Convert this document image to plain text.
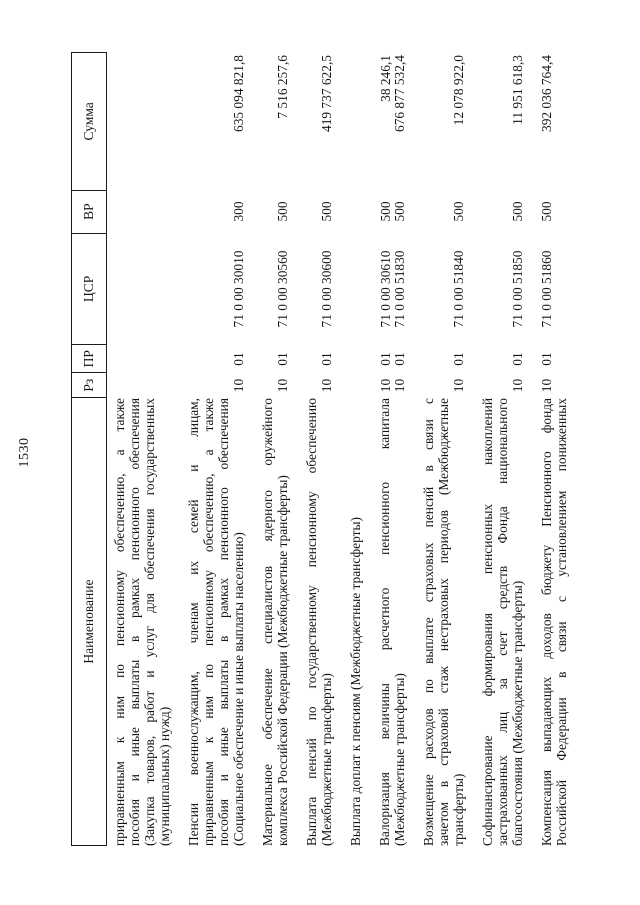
1530
Наименование
Рз
ПР
ЦСР
ВР
Сумма
приравненным к ним по пенсионному обеспечению, а также пособия и иные выплаты в рамках пенсионного обеспечения (Закупка товаров, работ и услуг для обеспечения государственных (муниципальных) нужд) Пенсии военнослужащим, членам их семей и лицам, приравненным к ним по пенсионному обеспечению, а также пособия и иные выплаты в рамках пенсионного обеспечения (Социальное обеспечение и иные выплаты населению)
10
01
71 0 00 30010
300
635 094 821,8
Материальное обеспечение специалистов ядерного оружейного комплекса Российской Федерации (Межбюджетные трансферты)
10
01
71 0 00 30560
500
7 516 257,6
Выплата пенсий по государственному пенсионному обеспечению (Межбюджетные трансферты)
10
01
71 0 00 30600
500
419 737 622,5
Выплата доплат к пенсиям (Межбюджетные трансферты)
10
01
71 0 00 30610
500
38 246,1
Валоризация величины расчетного пенсионного капитала (Межбюджетные трансферты)
10
01
71 0 00 51830
500
676 877 532,4
Возмещение расходов по выплате страховых пенсий в связи с зачетом в страховой стаж нестраховых периодов (Межбюджетные трансферты)
10
01
71 0 00 51840
500
12 078 922,0
Софинансирование формирования пенсионных накоплений застрахованных лиц за счет средств Фонда национального благосостояния (Межбюджетные трансферты)
10
01
71 0 00 51850
500
11 951 618,3
Компенсация выпадающих доходов бюджету Пенсионного фонда Российской Федерации в связи с установлением пониженных
10
01
71 0 00 51860
500
392 036 764,4
